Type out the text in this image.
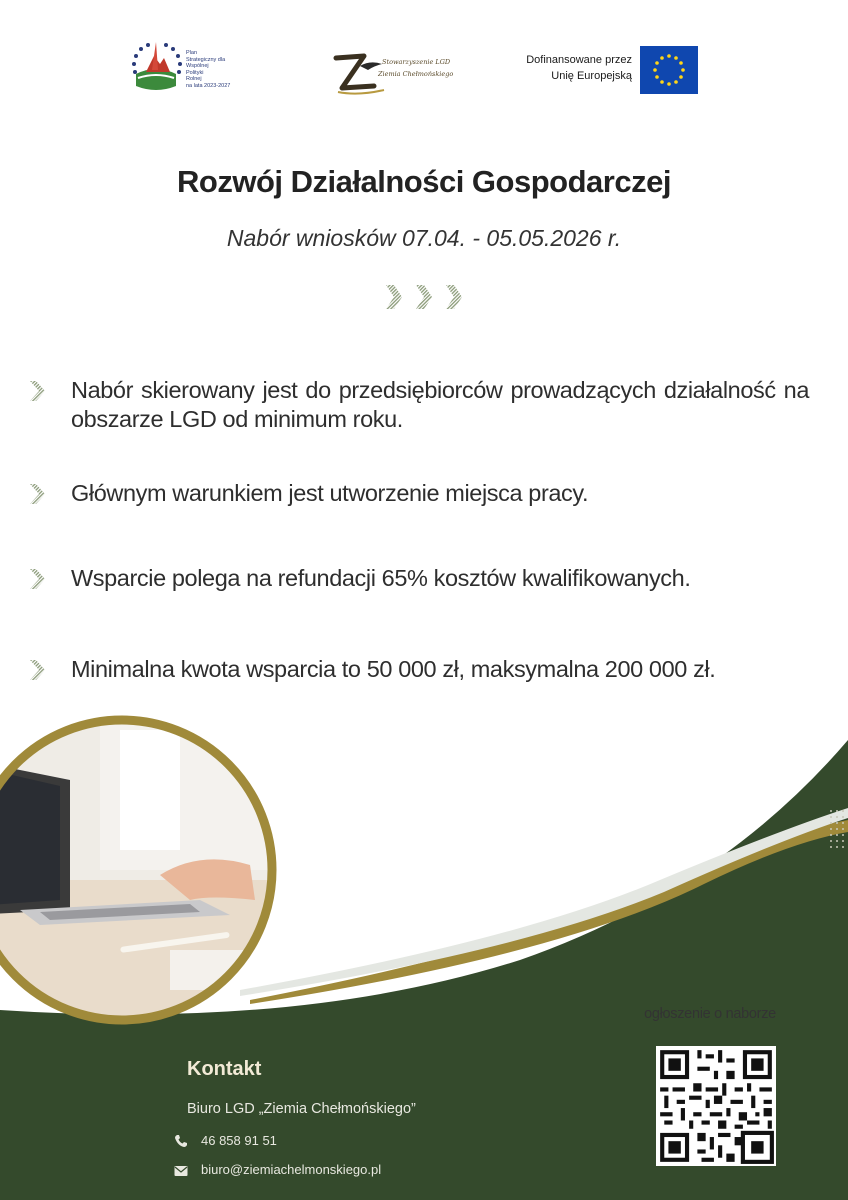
Plan
Strategiczny dla
Wspólnej
Polityki
Rolnej
na lata 2023-2027
Stowarzyszenie LGD
Ziemia Chełmońskiego
Dofinansowane przez
Unię Europejską
Rozwój Działalności Gospodarczej
Nabór wniosków 07.04. - 05.05.2026 r.
Nabór skierowany jest do przedsiębiorców prowadzących działalność na obszarze LGD od minimum roku.
Głównym warunkiem jest utworzenie miejsca pracy.
Wsparcie polega na refundacji 65% kosztów kwalifikowanych.
Minimalna kwota wsparcia to 50 000 zł, maksymalna 200 000 zł.
ogłoszenie o naborze
Kontakt
Biuro LGD „Ziemia Chełmońskiego”
46 858 91 51
biuro@ziemiachelmonskiego.pl
